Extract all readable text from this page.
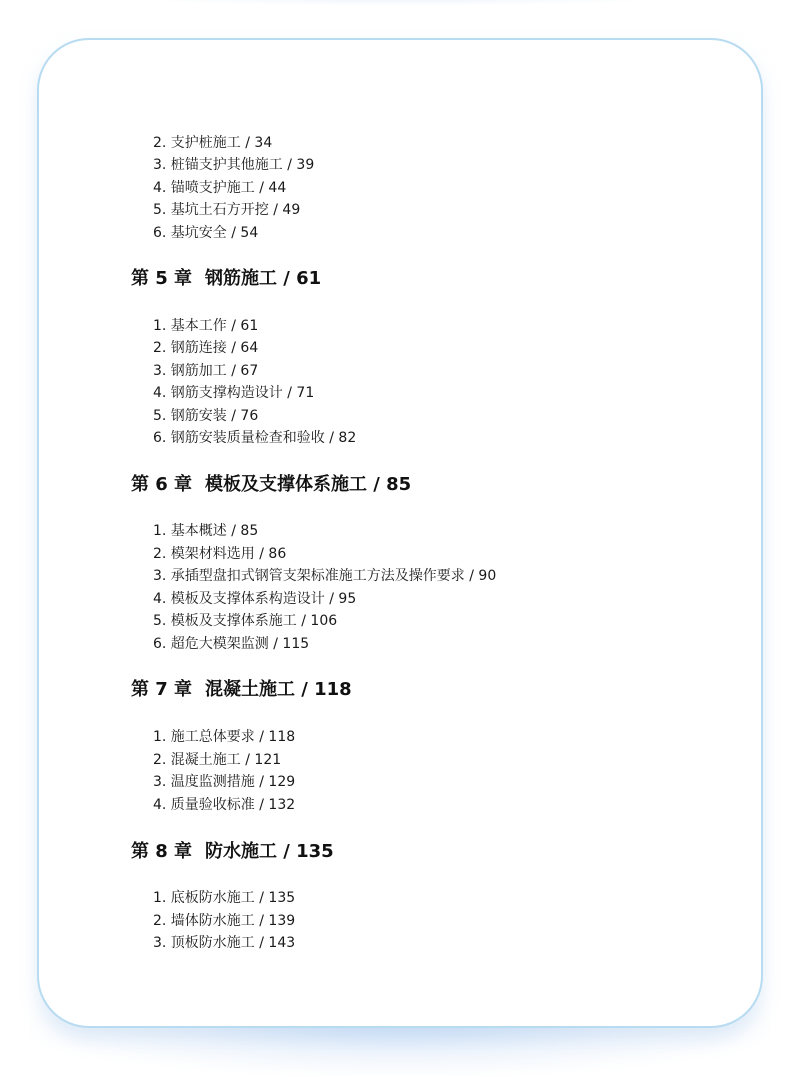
2. 支护桩施工 / 34
3. 桩锚支护其他施工 / 39
4. 锚喷支护施工 / 44
5. 基坑土石方开挖 / 49
6. 基坑安全 / 54
第 5 章 钢筋施工 / 61
1. 基本工作 / 61
2. 钢筋连接 / 64
3. 钢筋加工 / 67
4. 钢筋支撑构造设计 / 71
5. 钢筋安装 / 76
6. 钢筋安装质量检查和验收 / 82
第 6 章 模板及支撑体系施工 / 85
1. 基本概述 / 85
2. 模架材料选用 / 86
3. 承插型盘扣式钢管支架标准施工方法及操作要求 / 90
4. 模板及支撑体系构造设计 / 95
5. 模板及支撑体系施工 / 106
6. 超危大模架监测 / 115
第 7 章 混凝土施工 / 118
1. 施工总体要求 / 118
2. 混凝土施工 / 121
3. 温度监测措施 / 129
4. 质量验收标准 / 132
第 8 章 防水施工 / 135
1. 底板防水施工 / 135
2. 墙体防水施工 / 139
3. 顶板防水施工 / 143
